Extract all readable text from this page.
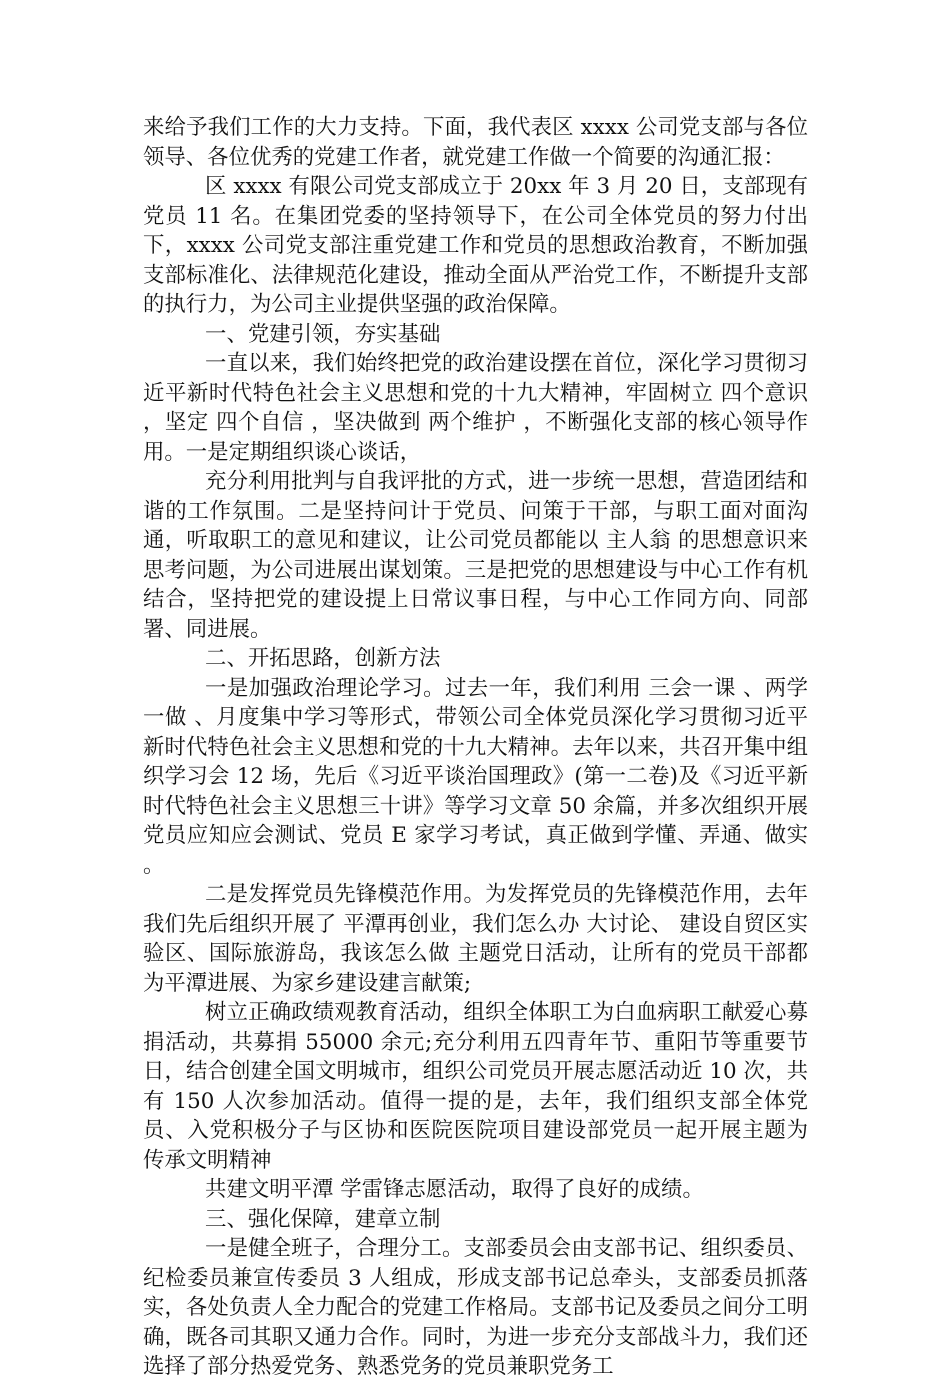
来给予我们工作的大力支持。下面，我代表区 xxxx 公司党支部与各位领导、各位优秀的党建工作者，就党建工作做一个简要的沟通汇报：

区 xxxx 有限公司党支部成立于 20xx 年 3 月 20 日，支部现有党员 11 名。在集团党委的坚持领导下，在公司全体党员的努力付出下，xxxx 公司党支部注重党建工作和党员的思想政治教育，不断加强支部标准化、法律规范化建设，推动全面从严治党工作，不断提升支部的执行力，为公司主业提供坚强的政治保障。

一、党建引领，夯实基础

一直以来，我们始终把党的政治建设摆在首位，深化学习贯彻习近平新时代特色社会主义思想和党的十九大精神，牢固树立 四个意识 ，坚定 四个自信 ，坚决做到 两个维护 ，不断强化支部的核心领导作用。一是定期组织谈心谈话，

充分利用批判与自我评批的方式，进一步统一思想，营造团结和谐的工作氛围。二是坚持问计于党员、问策于干部，与职工面对面沟通，听取职工的意见和建议，让公司党员都能以 主人翁 的思想意识来思考问题，为公司进展出谋划策。三是把党的思想建设与中心工作有机结合，坚持把党的建设提上日常议事日程，与中心工作同方向、同部署、同进展。

二、开拓思路，创新方法

一是加强政治理论学习。过去一年，我们利用 三会一课 、两学一做 、月度集中学习等形式，带领公司全体党员深化学习贯彻习近平新时代特色社会主义思想和党的十九大精神。去年以来，共召开集中组织学习会 12 场，先后《习近平谈治国理政》(第一二卷)及《习近平新时代特色社会主义思想三十讲》等学习文章 50 余篇，并多次组织开展党员应知应会测试、党员 E 家学习考试，真正做到学懂、弄通、做实 。

二是发挥党员先锋模范作用。为发挥党员的先锋模范作用，去年我们先后组织开展了 平潭再创业，我们怎么办 大讨论、 建设自贸区实验区、国际旅游岛，我该怎么做 主题党日活动，让所有的党员干部都为平潭进展、为家乡建设建言献策;

树立正确政绩观教育活动，组织全体职工为白血病职工献爱心募捐活动，共募捐 55000 余元;充分利用五四青年节、重阳节等重要节日，结合创建全国文明城市，组织公司党员开展志愿活动近 10 次，共有 150 人次参加活动。值得一提的是，去年，我们组织支部全体党员、入党积极分子与区协和医院医院项目建设部党员一起开展主题为 传承文明精神

共建文明平潭 学雷锋志愿活动，取得了良好的成绩。

三、强化保障，建章立制

一是健全班子，合理分工。支部委员会由支部书记、组织委员、纪检委员兼宣传委员 3 人组成，形成支部书记总牵头，支部委员抓落实，各处负责人全力配合的党建工作格局。支部书记及委员之间分工明确，既各司其职又通力合作。同时，为进一步充分支部战斗力，我们还选择了部分热爱党务、熟悉党务的党员兼职党务工
